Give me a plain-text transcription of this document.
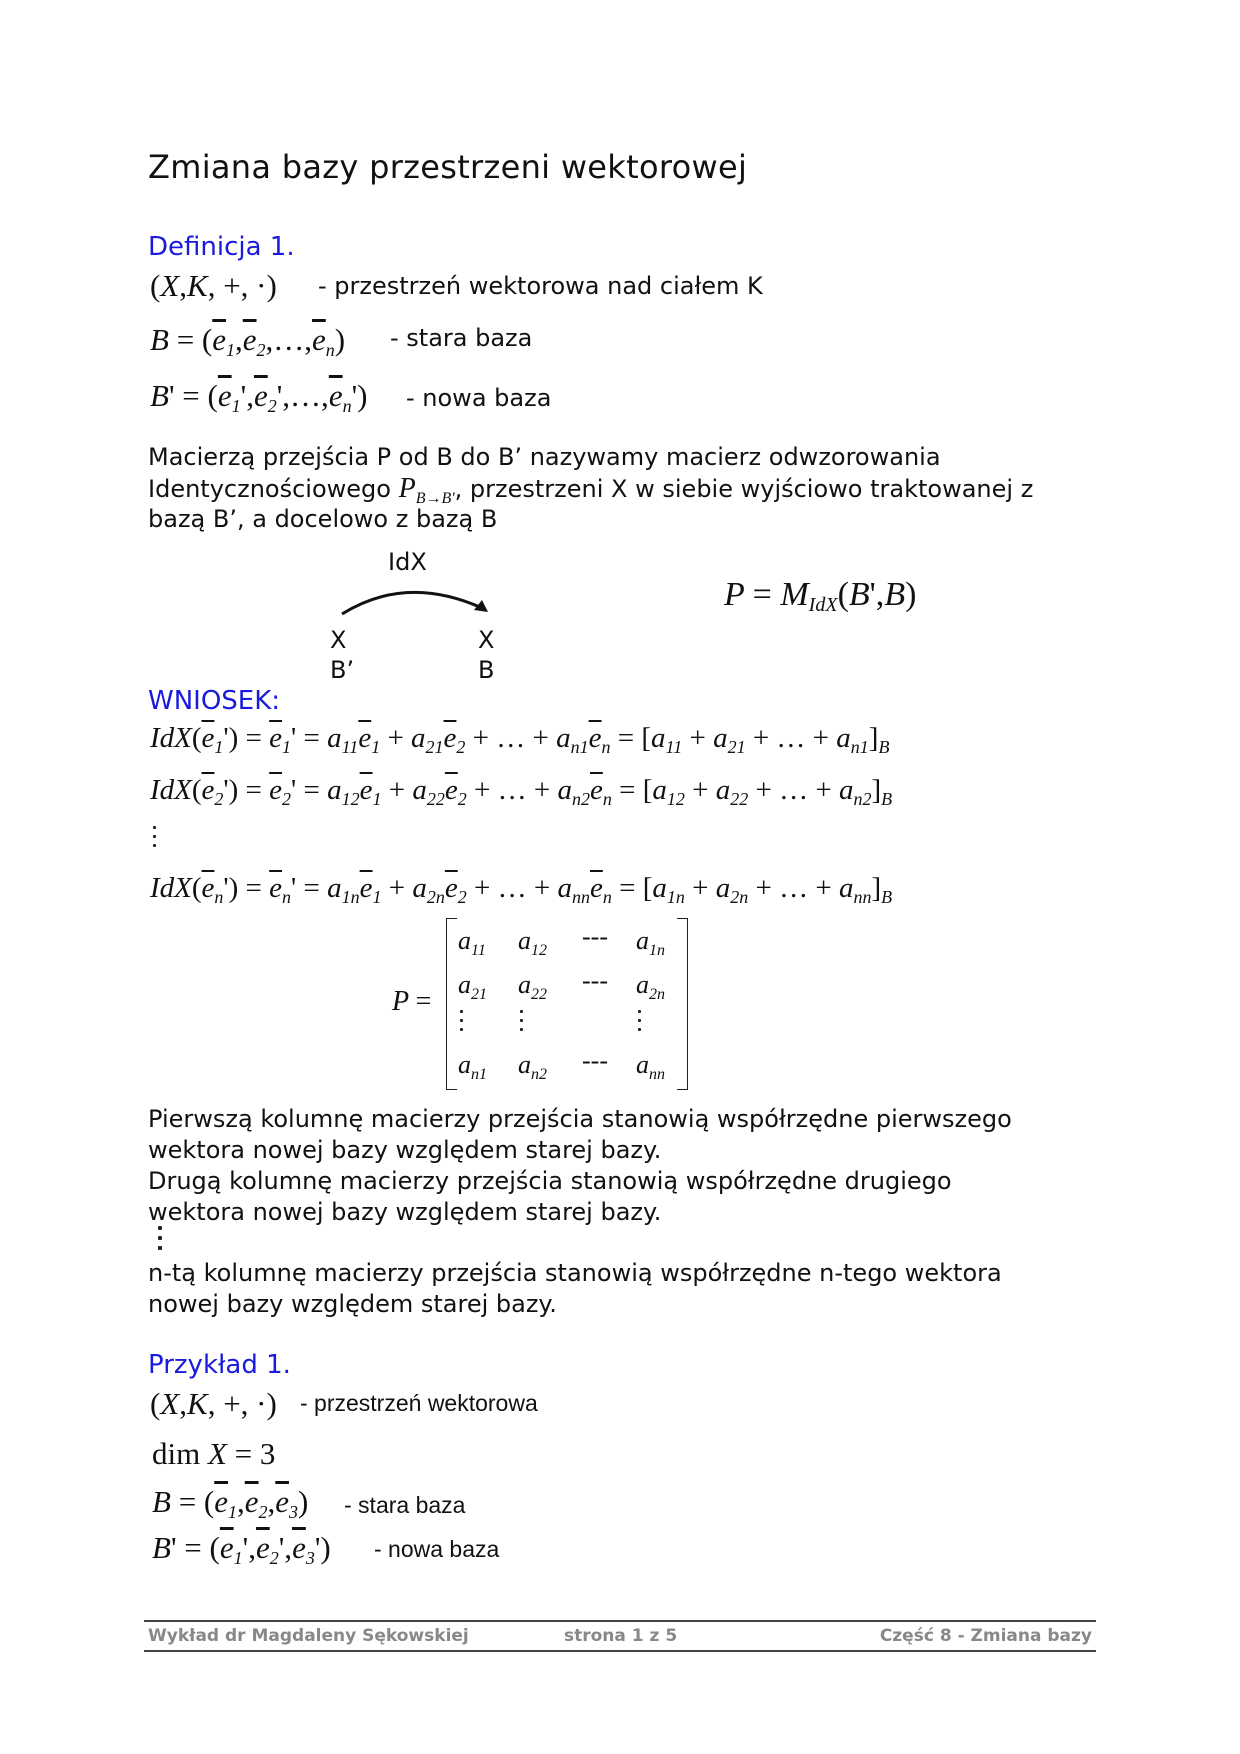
Zmiana bazy przestrzeni wektorowej
Definicja 1.
(X,K, +, ·) - przestrzeń wektorowa nad ciałem K
$B = (\overline{e}_1,\overline{e}_2,\dots,\overline{e}_n)$ - stara baza
$B' = (\overline{e}_1',\overline{e}_2',\dots,\overline{e}_n')$ - nowa baza
Macierzą przejścia P od B do B’ nazywamy macierz odwzorowania
Identycznościowego $P_{B\to B'}$, przestrzeni X w siebie wyjściowo traktowanej z
bazą B’, a docelowo z bazą B
IdX
X
B’
X
B
$P = M_{IdX}(B',B)$
WNIOSEK:
$IdX(\overline{e}_1') = \overline{e}_1' = a_{11}\overline{e}_1 + a_{21}\overline{e}_2$ + … + $a_{n1}\overline{e}_n = [a_{11} + a_{21}$ + … + $a_{n1}]_B$
$IdX(\overline{e}_2') = \overline{e}_2' = a_{12}\overline{e}_1 + a_{22}\overline{e}_2$ + … + $a_{n2}\overline{e}_n = [a_{12} + a_{22}$ + … + $a_{n2}]_B$
$IdX(\overline{e}_n') = \overline{e}_n' = a_{1n}\overline{e}_1 + a_{2n}\overline{e}_2$ + … + $a_{nn}\overline{e}_n = [a_{1n} + a_{2n}$ + … + $a_{nn}]_B$
P =
$a_{11}$ $a_{12}$ --- $a_{1n}$
$a_{21}$ $a_{22}$ --- $a_{2n}$
$a_{n1}$ $a_{n2}$ --- $a_{nn}$
Pierwszą kolumnę macierzy przejścia stanowią współrzędne pierwszego
wektora nowej bazy względem starej bazy.
Drugą kolumnę macierzy przejścia stanowią współrzędne drugiego
wektora nowej bazy względem starej bazy.
n-tą kolumnę macierzy przejścia stanowią współrzędne n-tego wektora
nowej bazy względem starej bazy.
Przykład 1.
(X,K, +, ·) - przestrzeń wektorowa
dim X = 3
$B = (\overline{e}_1,\overline{e}_2,\overline{e}_3)$ - stara baza
$B' = (\overline{e}_1',\overline{e}_2',\overline{e}_3')$ - nowa baza
Wykład dr Magdaleny Sękowskiej	strona 1 z 5	Część 8 - Zmiana bazy
